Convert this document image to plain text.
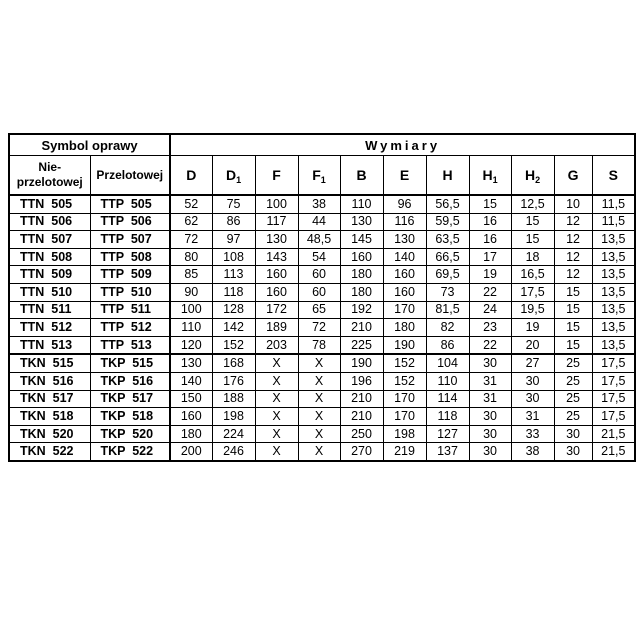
Symbol oprawy		Wymiary										
Nie-
przelotowej	Przelotowej	D	$D_1$	F	$F_1$	B	E	H	$H_1$	$H_2$	G	S
TTN  505	TTP  505	52	75	100	38	110	96	56,5	15	12,5	10	11,5
TTN  506	TTP  506	62	86	117	44	130	116	59,5	16	15	12	11,5
TTN  507	TTP  507	72	97	130	48,5	145	130	63,5	16	15	12	13,5
TTN  508	TTP  508	80	108	143	54	160	140	66,5	17	18	12	13,5
TTN  509	TTP  509	85	113	160	60	180	160	69,5	19	16,5	12	13,5
TTN  510	TTP  510	90	118	160	60	180	160	73	22	17,5	15	13,5
TTN  511	TTP  511	100	128	172	65	192	170	81,5	24	19,5	15	13,5
TTN  512	TTP  512	110	142	189	72	210	180	82	23	19	15	13,5
TTN  513	TTP  513	120	152	203	78	225	190	86	22	20	15	13,5
TKN  515	TKP  515	130	168	X	X	190	152	104	30	27	25	17,5
TKN  516	TKP  516	140	176	X	X	196	152	110	31	30	25	17,5
TKN  517	TKP  517	150	188	X	X	210	170	114	31	30	25	17,5
TKN  518	TKP  518	160	198	X	X	210	170	118	30	31	25	17,5
TKN  520	TKP  520	180	224	X	X	250	198	127	30	33	30	21,5
TKN  522	TKP  522	200	246	X	X	270	219	137	30	38	30	21,5
